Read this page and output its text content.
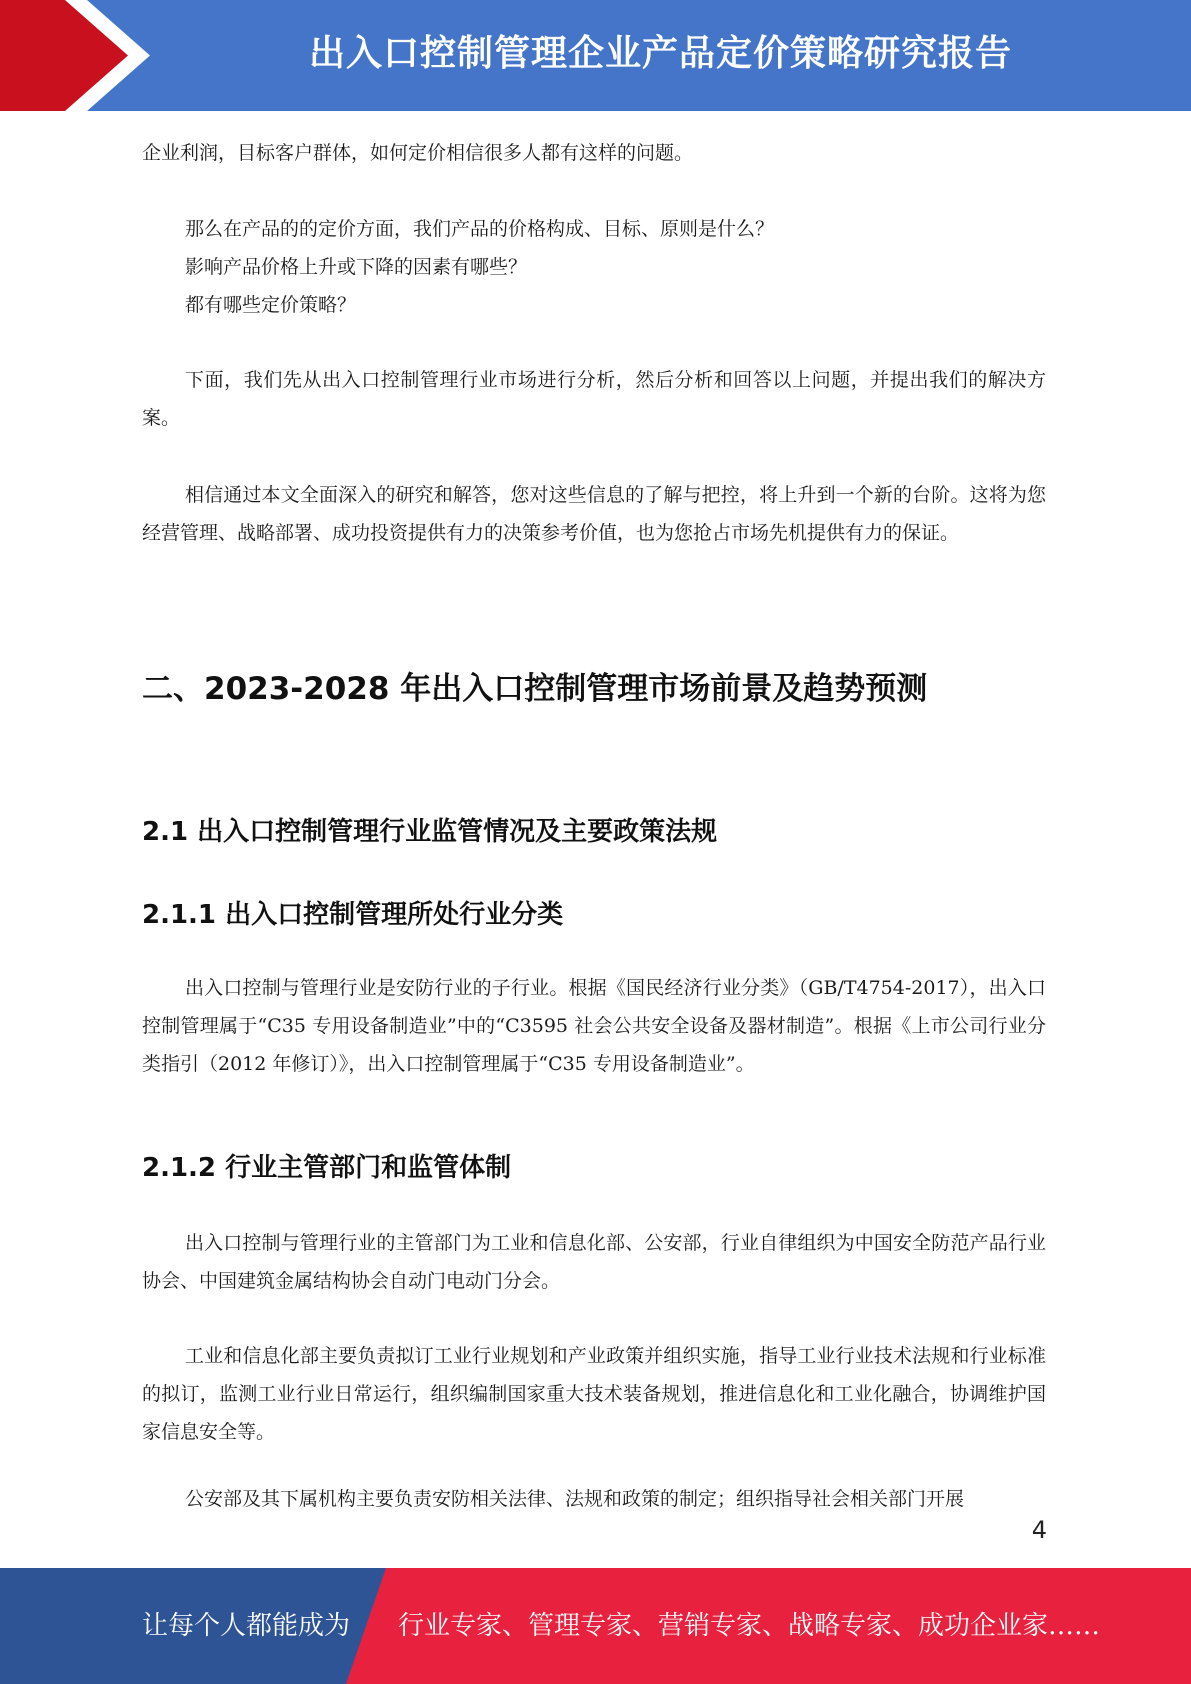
出入口控制管理企业产品定价策略研究报告

企业利润，目标客户群体，如何定价相信很多人都有这样的问题。

那么在产品的的定价方面，我们产品的价格构成、目标、原则是什么？

影响产品价格上升或下降的因素有哪些？

都有哪些定价策略？

下面，我们先从出入口控制管理行业市场进行分析，然后分析和回答以上问题，并提出我们的解决方案。

相信通过本文全面深入的研究和解答，您对这些信息的了解与把控，将上升到一个新的台阶。这将为您经营管理、战略部署、成功投资提供有力的决策参考价值，也为您抢占市场先机提供有力的保证。

二、2023-2028 年出入口控制管理市场前景及趋势预测
2.1 出入口控制管理行业监管情况及主要政策法规
2.1.1 出入口控制管理所处行业分类

出入口控制与管理行业是安防行业的子行业。根据《国民经济行业分类》（GB/T4754-2017），出入口控制管理属于“C35 专用设备制造业”中的“C3595 社会公共安全设备及器材制造”。根据《上市公司行业分类指引（2012 年修订）》，出入口控制管理属于“C35 专用设备制造业”。

2.1.2 行业主管部门和监管体制

出入口控制与管理行业的主管部门为工业和信息化部、公安部，行业自律组织为中国安全防范产品行业协会、中国建筑金属结构协会自动门电动门分会。

工业和信息化部主要负责拟订工业行业规划和产业政策并组织实施，指导工业行业技术法规和行业标准的拟订，监测工业行业日常运行，组织编制国家重大技术装备规划，推进信息化和工业化融合，协调维护国家信息安全等。

公安部及其下属机构主要负责安防相关法律、法规和政策的制定；组织指导社会相关部门开展

4
让每个人都能成为 行业专家、管理专家、营销专家、战略专家、成功企业家……
